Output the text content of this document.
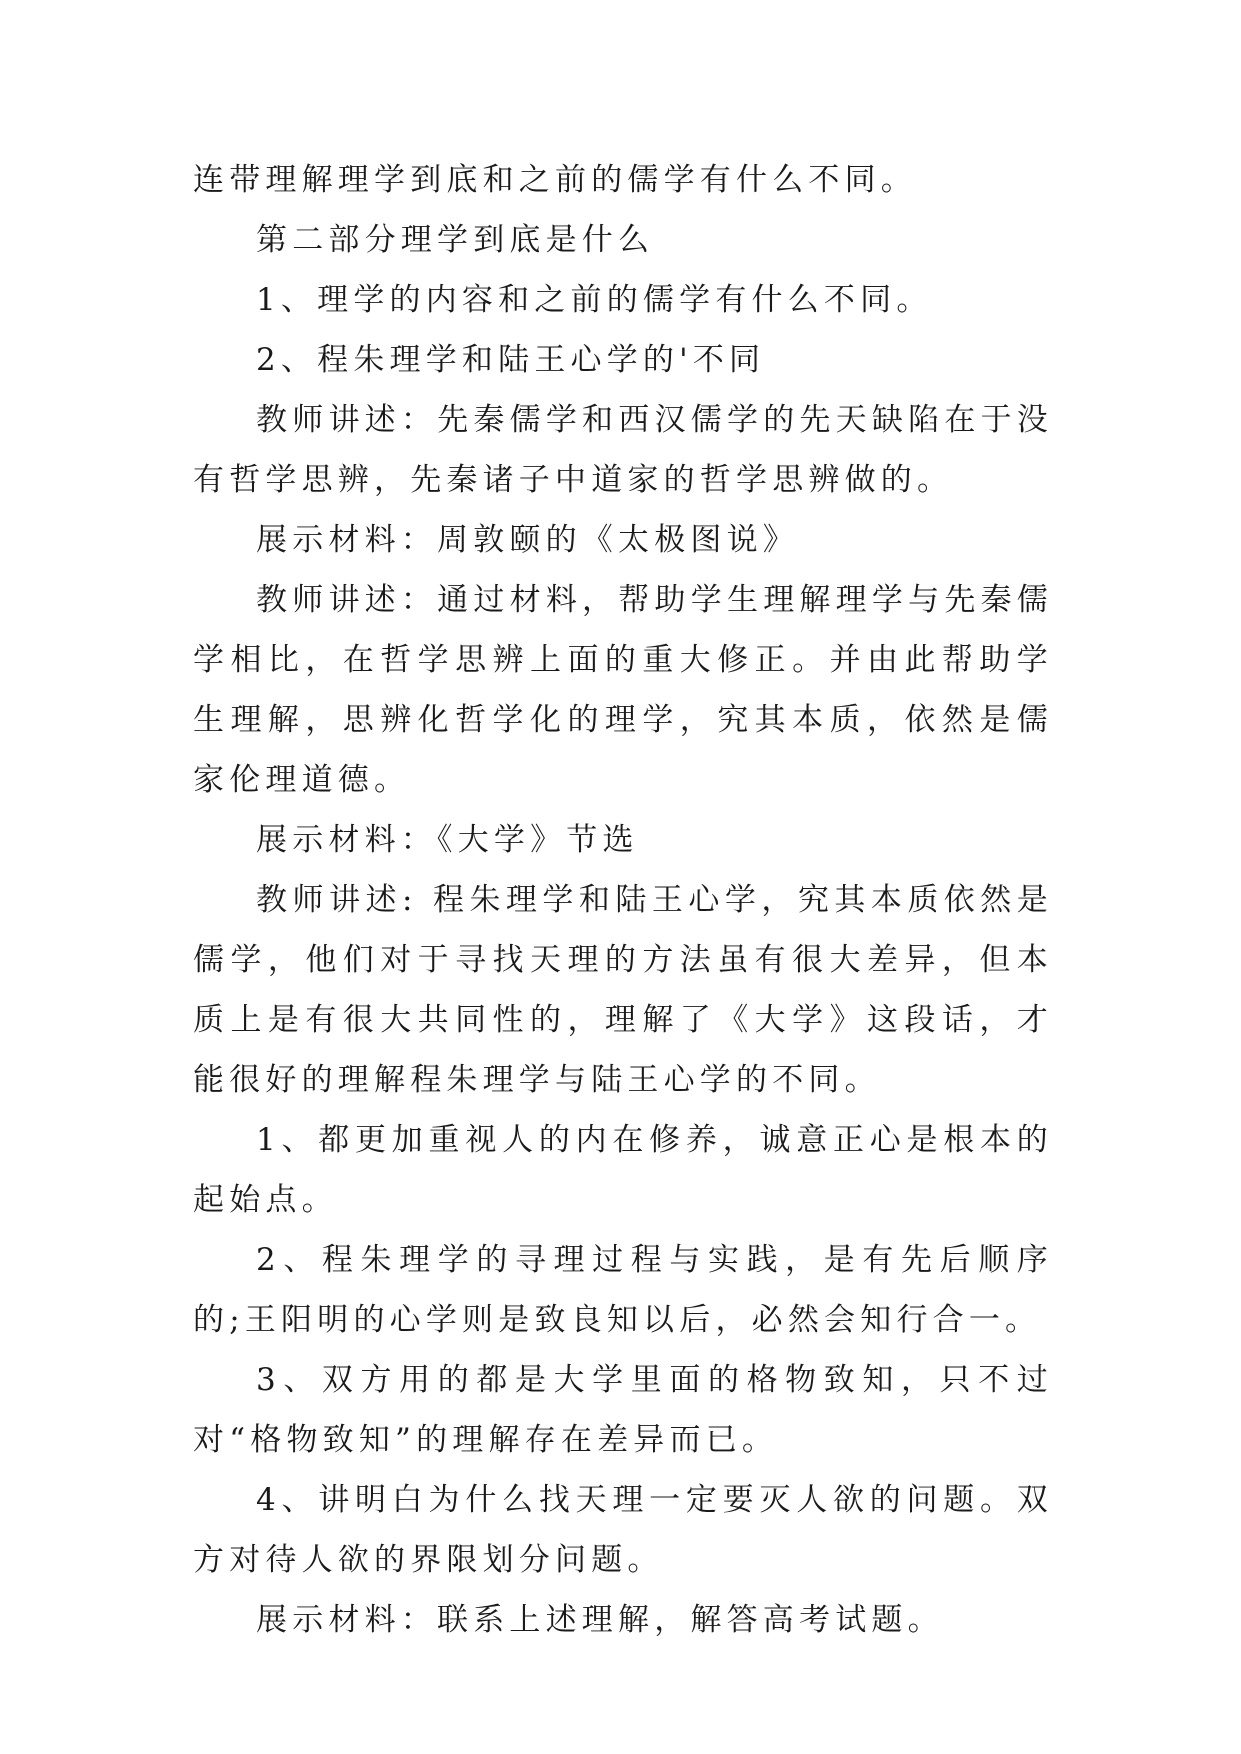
连带理解理学到底和之前的儒学有什么不同。

第二部分理学到底是什么

1、理学的内容和之前的儒学有什么不同。

2、程朱理学和陆王心学的'不同

教师讲述：先秦儒学和西汉儒学的先天缺陷在于没有哲学思辨，先秦诸子中道家的哲学思辨做的。

展示材料：周敦颐的《太极图说》

教师讲述：通过材料，帮助学生理解理学与先秦儒学相比，在哲学思辨上面的重大修正。并由此帮助学生理解，思辨化哲学化的理学，究其本质，依然是儒家伦理道德。

展示材料：《大学》节选

教师讲述: 程朱理学和陆王心学，究其本质依然是儒学，他们对于寻找天理的方法虽有很大差异，但本质上是有很大共同性的，理解了《大学》这段话，才能很好的理解程朱理学与陆王心学的不同。

1、都更加重视人的内在修养，诚意正心是根本的起始点。

2、程朱理学的寻理过程与实践，是有先后顺序的;王阳明的心学则是致良知以后，必然会知行合一。

3、双方用的都是大学里面的格物致知，只不过对“格物致知”的理解存在差异而已。

4、讲明白为什么找天理一定要灭人欲的问题。双方对待人欲的界限划分问题。

展示材料：联系上述理解，解答高考试题。
